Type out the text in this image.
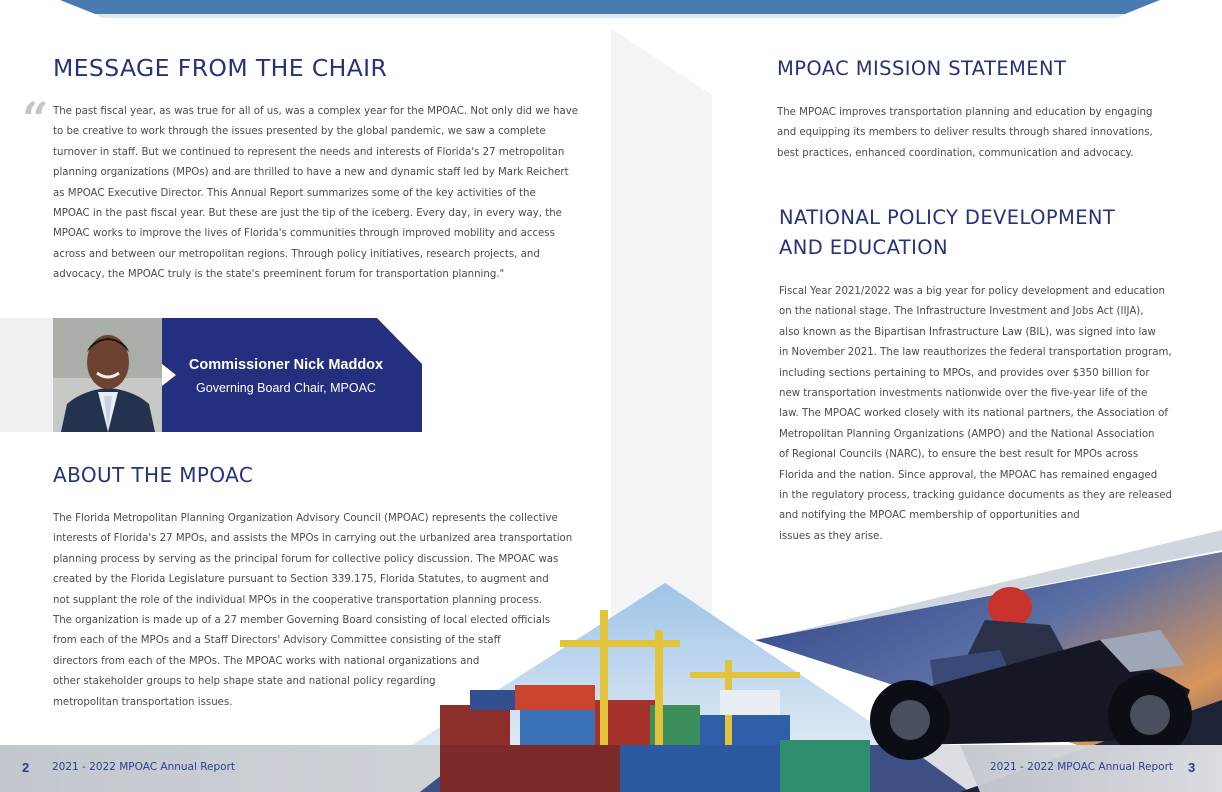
MESSAGE FROM THE CHAIR
“ The past fiscal year, as was true for all of us, was a complex year for the MPOAC. Not only did we have
to be creative to work through the issues presented by the global pandemic, we saw a complete
turnover in staff. But we continued to represent the needs and interests of Florida's 27 metropolitan
planning organizations (MPOs) and are thrilled to have a new and dynamic staff led by Mark Reichert
as MPOAC Executive Director. This Annual Report summarizes some of the key activities of the
MPOAC in the past fiscal year. But these are just the tip of the iceberg. Every day, in every way, the
MPOAC works to improve the lives of Florida's communities through improved mobility and access
across and between our metropolitan regions. Through policy initiatives, research projects, and
advocacy, the MPOAC truly is the state's preeminent forum for transportation planning."
Commissioner Nick Maddox
Governing Board Chair, MPOAC
ABOUT THE MPOAC
The Florida Metropolitan Planning Organization Advisory Council (MPOAC) represents the collective
interests of Florida's 27 MPOs, and assists the MPOs in carrying out the urbanized area transportation
planning process by serving as the principal forum for collective policy discussion. The MPOAC was
created by the Florida Legislature pursuant to Section 339.175, Florida Statutes, to augment and
not supplant the role of the individual MPOs in the cooperative transportation planning process.
The organization is made up of a 27 member Governing Board consisting of local elected officials
from each of the MPOs and a Staff Directors' Advisory Committee consisting of the staff
directors from each of the MPOs. The MPOAC works with national organizations and
other stakeholder groups to help shape state and national policy regarding
metropolitan transportation issues.
2 2021 - 2022 MPOAC Annual Report
MPOAC MISSION STATEMENT
The MPOAC improves transportation planning and education by engaging
and equipping its members to deliver results through shared innovations,
best practices, enhanced coordination, communication and advocacy.
NATIONAL POLICY DEVELOPMENT
AND EDUCATION
Fiscal Year 2021/2022 was a big year for policy development and education
on the national stage. The Infrastructure Investment and Jobs Act (IIJA),
also known as the Bipartisan Infrastructure Law (BIL), was signed into law
in November 2021. The law reauthorizes the federal transportation program,
including sections pertaining to MPOs, and provides over $350 billion for
new transportation investments nationwide over the five-year life of the
law. The MPOAC worked closely with its national partners, the Association of
Metropolitan Planning Organizations (AMPO) and the National Association
of Regional Councils (NARC), to ensure the best result for MPOs across
Florida and the nation. Since approval, the MPOAC has remained engaged
in the regulatory process, tracking guidance documents as they are released
and notifying the MPOAC membership of opportunities and
issues as they arise.
2021 - 2022 MPOAC Annual Report 3
